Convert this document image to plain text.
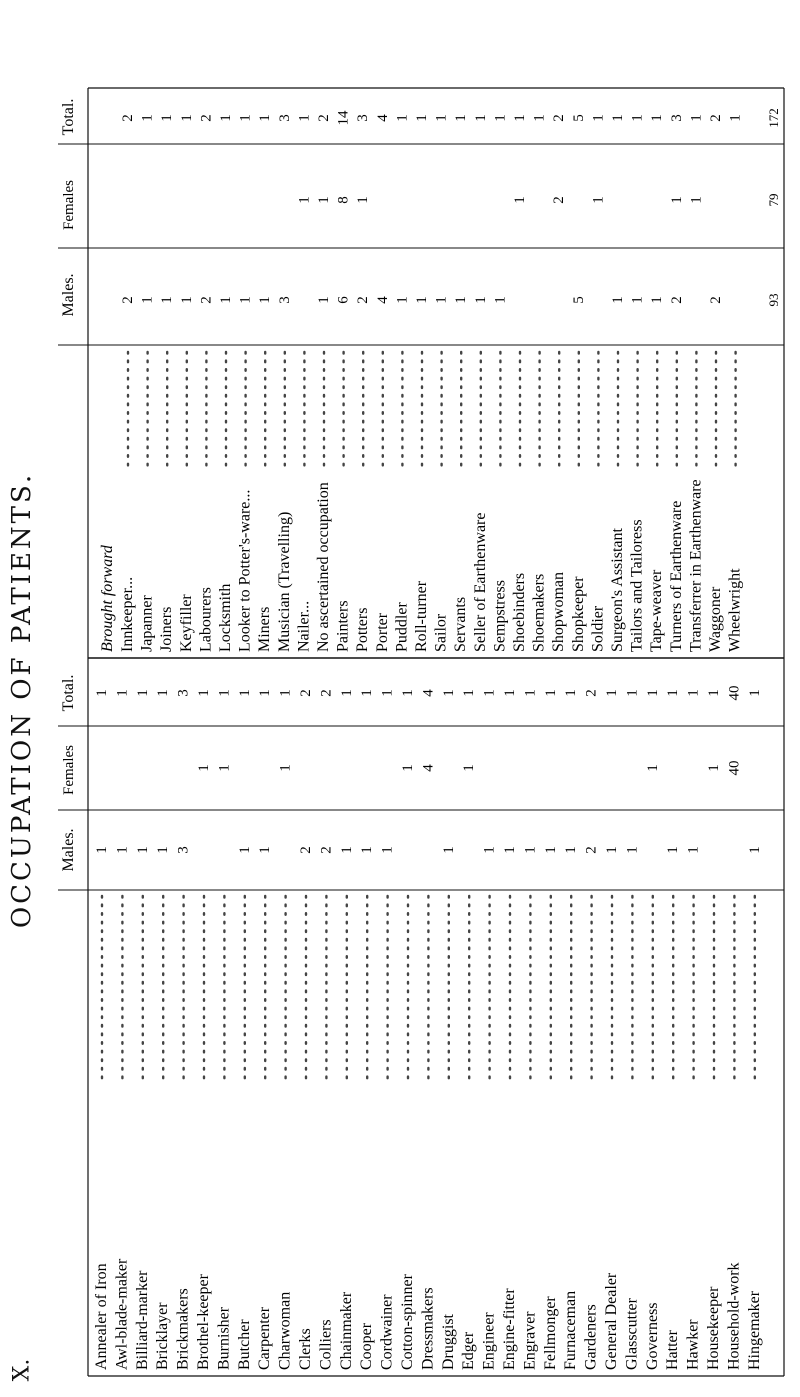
OCCUPATION OF PATIENTS.
X.
Total.
Females
Males.
Total.
Females
Males.
Brought forward Innkeeper...
2
2
Japanner
1
1
Joiners
1
1
Keyfiller
1
1
Labourers
2
2
Locksmith
1
1
Looker to Potter's-ware...
1
1
Miners
1
1
Musician (Travelling)
3
3
Nailer...
1
1
No ascertained occupation
1
1
2
Painters
6
8
14
Potters
2
1
3
Porter
4
4
Puddler
1
1
Roll-turner
1
1
Sailor
1
1
Servants
1
1
Seller of Earthenware
1
1
Sempstress
1
1
Shoebinders
1
1
Shoemakers
1
Shopwoman
2
2
Shopkeeper
5
5
Soldier
1
1
Surgeon's Assistant
1
1
Tailors and Tailoress
1
1
Tape-weaver
1
1
Turners of Earthenware
2
1
3
Transferrer in Earthenware
1
1
Waggoner
2
2
Wheelwright
1
93
79
172
Annealer of Iron
1
1
Awl-blade-maker
1
1
Billiard-marker
1
1
Bricklayer
1
1
Brickmakers
3
3
Brothel-keeper
1
1
Burnisher
1
1
Butcher
1
1
Carpenter
1
1
Charwoman
1
1
Clerks
2
2
Colliers
2
2
Chainmaker
1
1
Cooper
1
1
Cordwainer
1
1
Cotton-spinner
1
1
Dressmakers
4
4
Druggist
1
1
Edger
1
1
Engineer
1
1
Engine-fitter
1
1
Engraver
1
1
Fellmonger
1
1
Furnaceman
1
1
Gardeners
2
2
General Dealer
1
1
Glasscutter
1
1
Governess
1
1
Hatter
1
1
Hawker
1
1
Housekeeper
1
1
Household-work
40
40
Hingemaker
1
1
